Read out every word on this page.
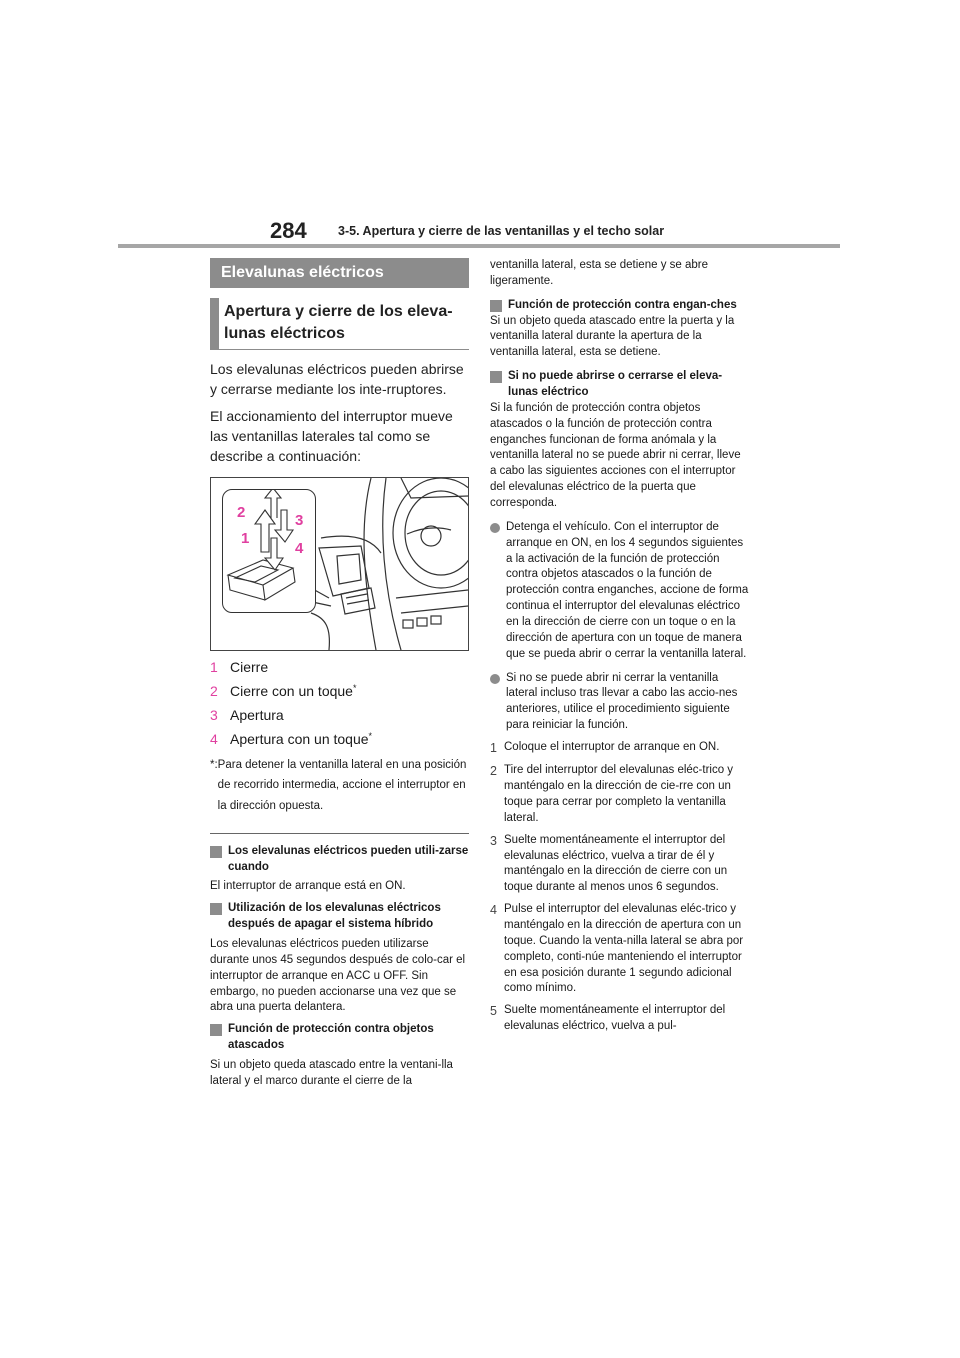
284	3-5. Apertura y cierre de las ventanillas y el techo solar
Elevalunas eléctricos
Apertura y cierre de los eleva-lunas eléctricos

Los elevalunas eléctricos pueden abrirse y cerrarse mediante los inte-rruptores.

El accionamiento del interruptor mueve las ventanillas laterales tal como se describe a continuación:

2	3
1
4
1 Cierre
2 Cierre con un toque *
3 Apertura
4 Apertura con un toque *
*: Para detener la ventanilla lateral en una posición de recorrido intermedia, accione el interruptor en la dirección opuesta.
Los elevalunas eléctricos pueden utili-zarse cuando

El interruptor de arranque está en ON.

Utilización de los elevalunas eléctricos después de apagar el sistema híbrido

Los elevalunas eléctricos pueden utilizarse durante unos 45 segundos después de colo-car el interruptor de arranque en ACC u OFF. Sin embargo, no pueden accionarse una vez que se abra una puerta delantera.

Función de protección contra objetos atascados

Si un objeto queda atascado entre la ventani-lla lateral y el marco durante el cierre de la

ventanilla lateral, esta se detiene y se abre ligeramente.

Función de protección contra engan-ches

Si un objeto queda atascado entre la puerta y la ventanilla lateral durante la apertura de la ventanilla lateral, esta se detiene.

Si no puede abrirse o cerrarse el eleva-lunas eléctrico

Si la función de protección contra objetos atascados o la función de protección contra enganches funcionan de forma anómala y la ventanilla lateral no se puede abrir ni cerrar, lleve a cabo las siguientes acciones con el interruptor del elevalunas eléctrico de la puerta que corresponda.

Detenga el vehículo. Con el interruptor de arranque en ON, en los 4 segundos siguientes a la activación de la función de protección contra objetos atascados o la función de protección contra enganches, accione de forma continua el interruptor del elevalunas eléctrico en la dirección de cierre con un toque o en la dirección de apertura con un toque de manera que se pueda abrir o cerrar la ventanilla lateral.
Si no se puede abrir ni cerrar la ventanilla lateral incluso tras llevar a cabo las accio-nes anteriores, utilice el procedimiento siguiente para reiniciar la función.
1 Coloque el interruptor de arranque en ON.
2 Tire del interruptor del elevalunas eléc-trico y manténgalo en la dirección de cie-rre con un toque para cerrar por completo la ventanilla lateral.
3 Suelte momentáneamente el interruptor del elevalunas eléctrico, vuelva a tirar de él y manténgalo en la dirección de cierre con un toque durante al menos unos 6 segundos.
4 Pulse el interruptor del elevalunas eléc-trico y manténgalo en la dirección de apertura con un toque. Cuando la venta-nilla lateral se abra por completo, conti-núe manteniendo el interruptor en esa posición durante 1 segundo adicional como mínimo.
5 Suelte momentáneamente el interruptor del elevalunas eléctrico, vuelva a pul-
